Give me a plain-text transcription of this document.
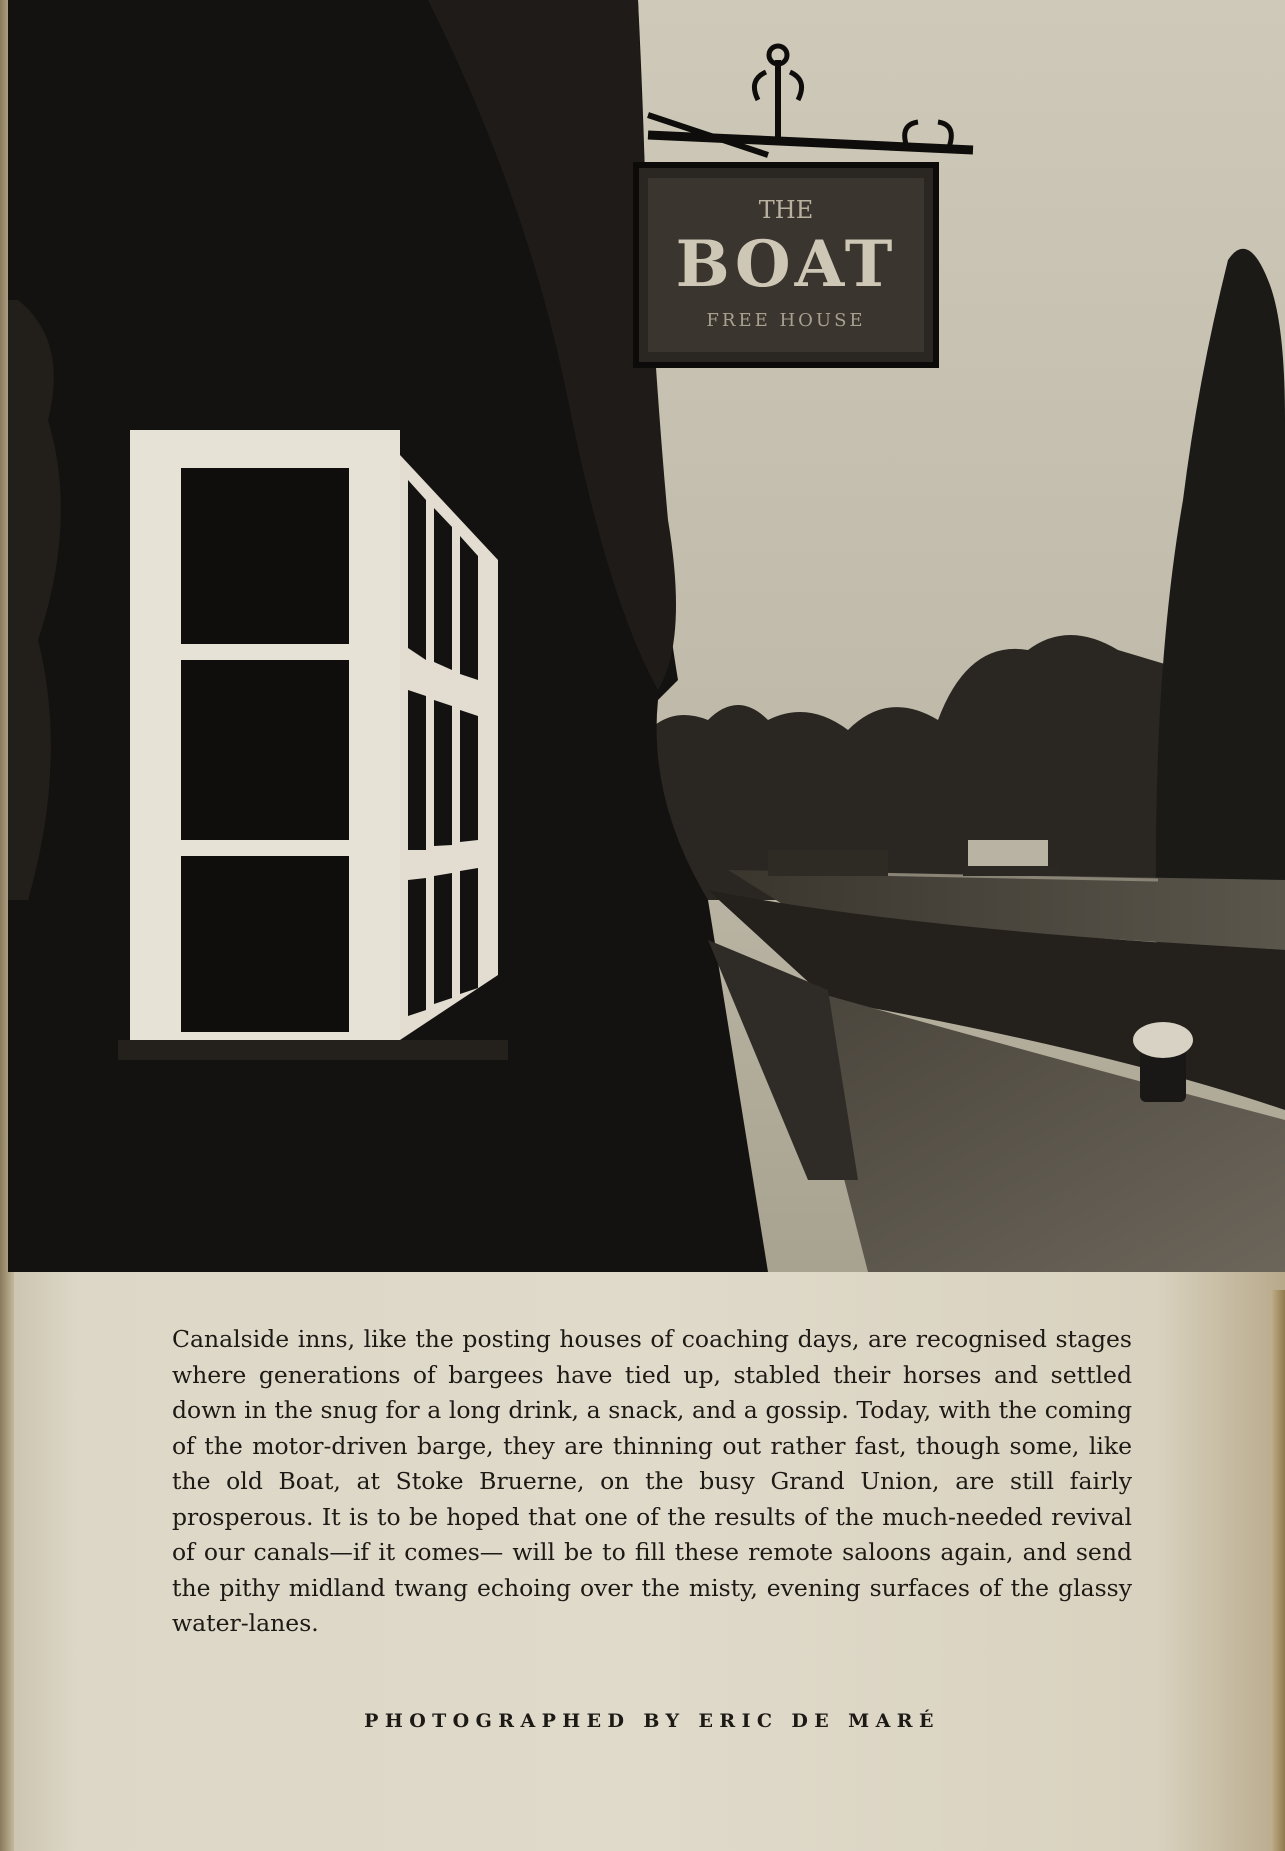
THE
BOAT
FREE HOUSE

Canalside inns, like the posting houses of coaching days, are recognised stages where generations of bargees have tied up, stabled their horses and settled down in the snug for a long drink, a snack, and a gossip. Today, with the coming of the motor-driven barge, they are thinning out rather fast, though some, like the old Boat, at Stoke Bruerne, on the busy Grand Union, are still fairly prosperous. It is to be hoped that one of the results of the much-needed revival of our canals—if it comes— will be to fill these remote saloons again, and send the pithy midland twang echoing over the misty, evening surfaces of the glassy water-lanes.

PHOTOGRAPHED BY ERIC DE MARÉ
